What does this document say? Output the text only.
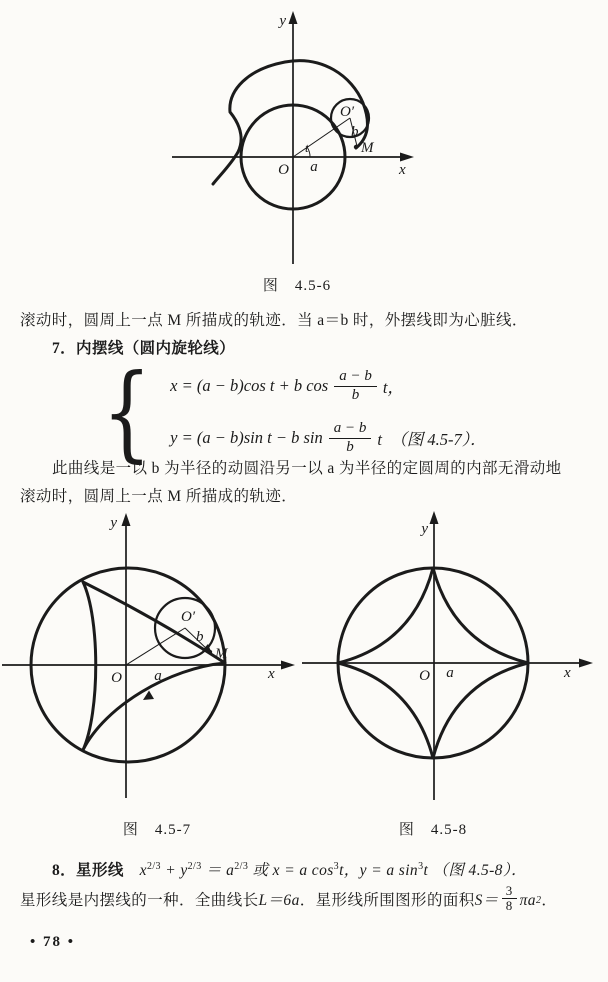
y
x
O
O′
b
M
a
t
图　4.5-6
滚动时，圆周上一点 M 所描成的轨迹．当 a＝b 时，外摆线即为心脏线．
7．内摆线（圆内旋轮线）
{ x = (a − b)cos t + b $\cos \frac{a - b}{b}$ t，
y = (a − b)sin t − b $\sin \frac{a - b}{b}$ t　（图 4.5-7）．
此曲线是一以 b 为半径的动圆沿另一以 a 为半径的定圆周的内部无滑动地
滚动时，圆周上一点 M 所描成的轨迹．
y
x
O
O′
b
M
a
y
x
O a
图　4.5-7	图　4.5-8
8．星形线　$x^{2/3} + y^{2/3} = a^{2/3}$ 或 x = a $\cos^3t$，y = a $\sin^3t$ （图 4.5-8）．
星形线是内摆线的一种．全曲线长 L＝6a ．星形线所围图形的面积 $S= \frac{3}{8}$ πa 2 ．
• 78 •
